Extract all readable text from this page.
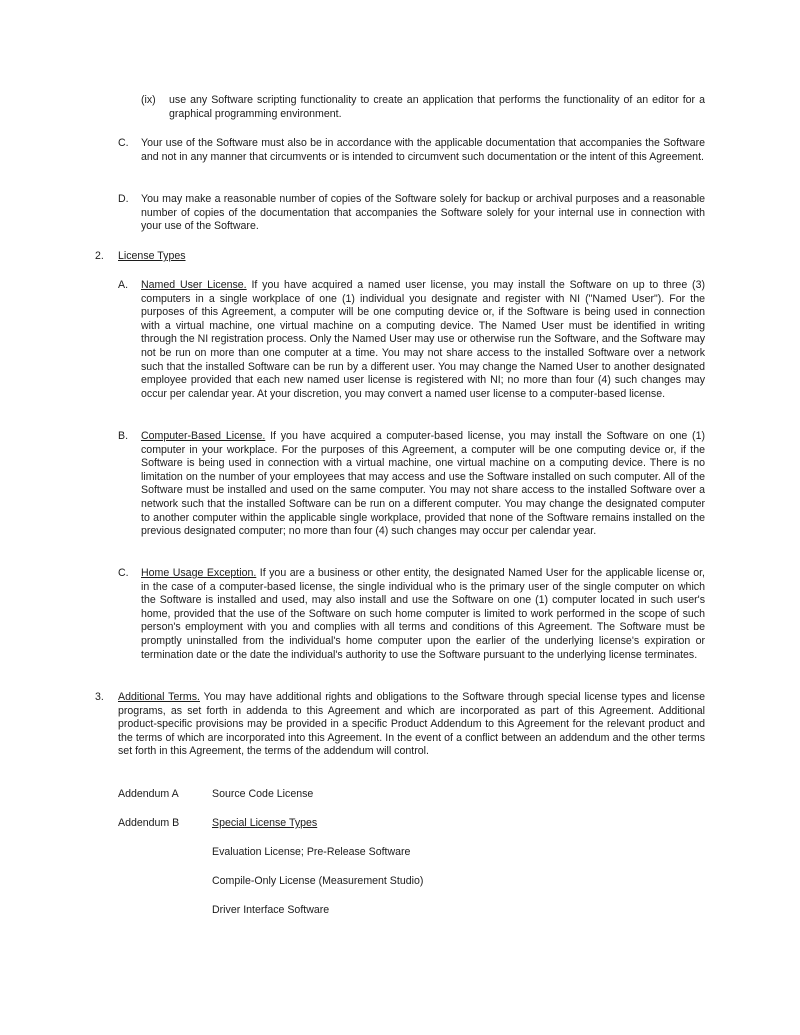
(ix) use any Software scripting functionality to create an application that performs the functionality of an editor for a graphical programming environment.
C. Your use of the Software must also be in accordance with the applicable documentation that accompanies the Software and not in any manner that circumvents or is intended to circumvent such documentation or the intent of this Agreement.
D. You may make a reasonable number of copies of the Software solely for backup or archival purposes and a reasonable number of copies of the documentation that accompanies the Software solely for your internal use in connection with your use of the Software.
2. License Types
A. Named User License. If you have acquired a named user license, you may install the Software on up to three (3) computers in a single workplace of one (1) individual you designate and register with NI ("Named User"). For the purposes of this Agreement, a computer will be one computing device or, if the Software is being used in connection with a virtual machine, one virtual machine on a computing device. The Named User must be identified in writing through the NI registration process. Only the Named User may use or otherwise run the Software, and the Software may not be run on more than one computer at a time. You may not share access to the installed Software over a network such that the installed Software can be run by a different user. You may change the Named User to another designated employee provided that each new named user license is registered with NI; no more than four (4) such changes may occur per calendar year. At your discretion, you may convert a named user license to a computer-based license.
B. Computer-Based License. If you have acquired a computer-based license, you may install the Software on one (1) computer in your workplace. For the purposes of this Agreement, a computer will be one computing device or, if the Software is being used in connection with a virtual machine, one virtual machine on a computing device. There is no limitation on the number of your employees that may access and use the Software installed on such computer. All of the Software must be installed and used on the same computer. You may not share access to the installed Software over a network such that the installed Software can be run on a different computer. You may change the designated computer to another computer within the applicable single workplace, provided that none of the Software remains installed on the previous designated computer; no more than four (4) such changes may occur per calendar year.
C. Home Usage Exception. If you are a business or other entity, the designated Named User for the applicable license or, in the case of a computer-based license, the single individual who is the primary user of the single computer on which the Software is installed and used, may also install and use the Software on one (1) computer located in such user's home, provided that the use of the Software on such home computer is limited to work performed in the scope of such person's employment with you and complies with all terms and conditions of this Agreement. The Software must be promptly uninstalled from the individual's home computer upon the earlier of the underlying license's expiration or termination date or the date the individual's authority to use the Software pursuant to the underlying license terminates.
3. Additional Terms. You may have additional rights and obligations to the Software through special license types and license programs, as set forth in addenda to this Agreement and which are incorporated as part of this Agreement. Additional product-specific provisions may be provided in a specific Product Addendum to this Agreement for the relevant product and the terms of which are incorporated into this Agreement. In the event of a conflict between an addendum and the other terms set forth in this Agreement, the terms of the addendum will control.
Addendum A	Source Code License
Addendum B	Special License Types
Evaluation License; Pre-Release Software
Compile-Only License (Measurement Studio)
Driver Interface Software
